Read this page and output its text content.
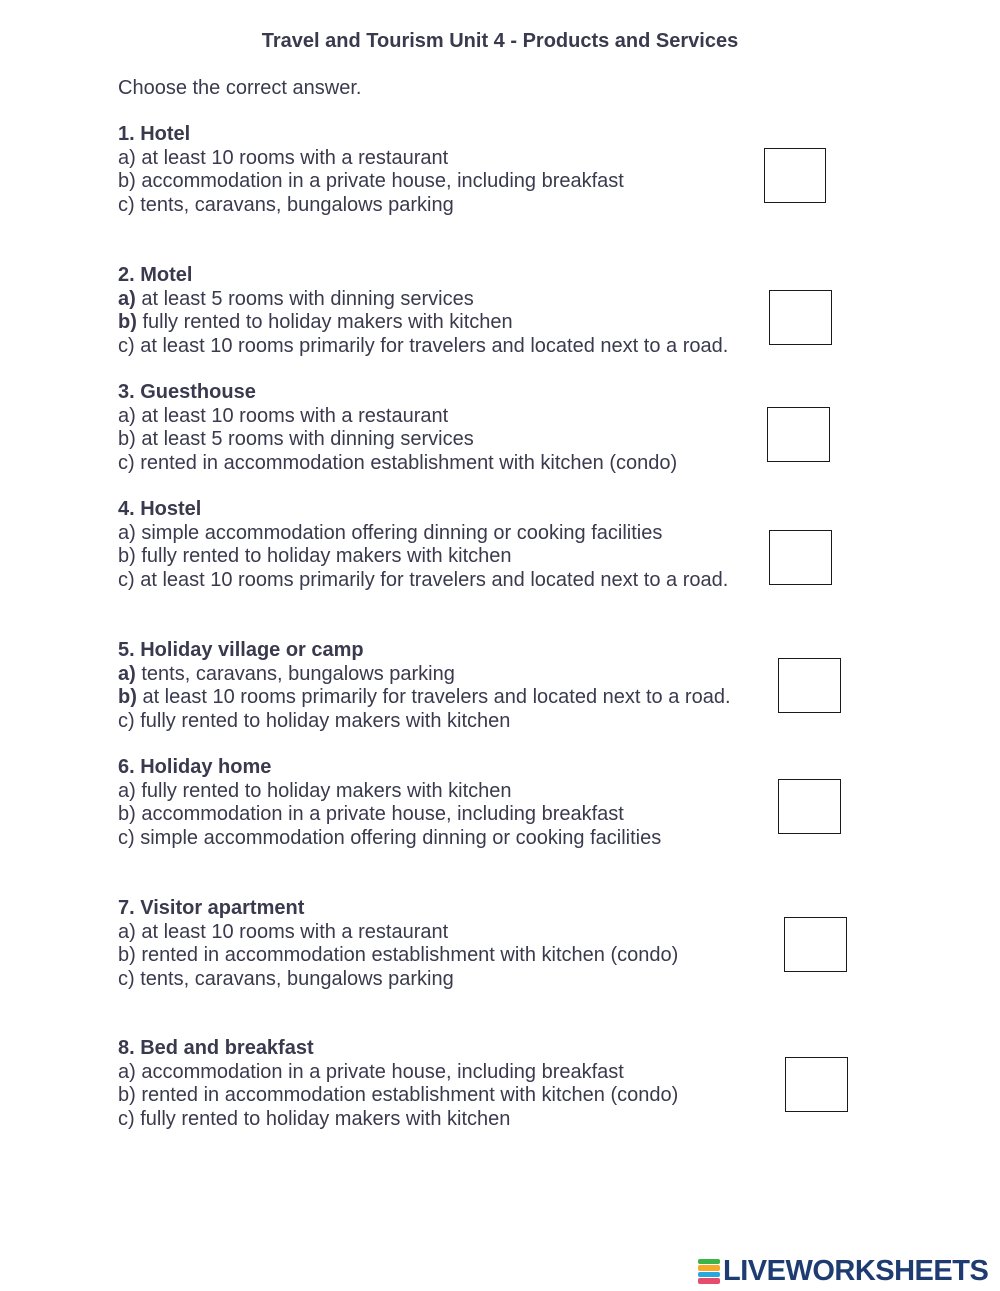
Travel and Tourism Unit 4 - Products and Services
Choose the correct answer.
1. Hotel
a) at least 10 rooms with a restaurant
b) accommodation in a private house, including breakfast
c) tents, caravans, bungalows parking
2. Motel
a) at least 5 rooms with dinning services
b) fully rented to holiday makers with kitchen
c) at least 10 rooms primarily for travelers and located next to a road.
3. Guesthouse
a) at least 10 rooms with a restaurant
b) at least 5 rooms with dinning services
c) rented in accommodation establishment with kitchen (condo)
4. Hostel
a) simple accommodation offering dinning or cooking facilities
b) fully rented to holiday makers with kitchen
c) at least 10 rooms primarily for travelers and located next to a road.
5. Holiday village or camp
a) tents, caravans, bungalows parking
b) at least 10 rooms primarily for travelers and located next to a road.
c) fully rented to holiday makers with kitchen
6. Holiday home
a) fully rented to holiday makers with kitchen
b) accommodation in a private house, including breakfast
c) simple accommodation offering dinning or cooking facilities
7. Visitor apartment
a) at least 10 rooms with a restaurant
b) rented in accommodation establishment with kitchen (condo)
c) tents, caravans, bungalows parking
8. Bed and breakfast
a) accommodation in a private house, including breakfast
b) rented in accommodation establishment with kitchen (condo)
c) fully rented to holiday makers with kitchen
LIVEWORKSHEETS
